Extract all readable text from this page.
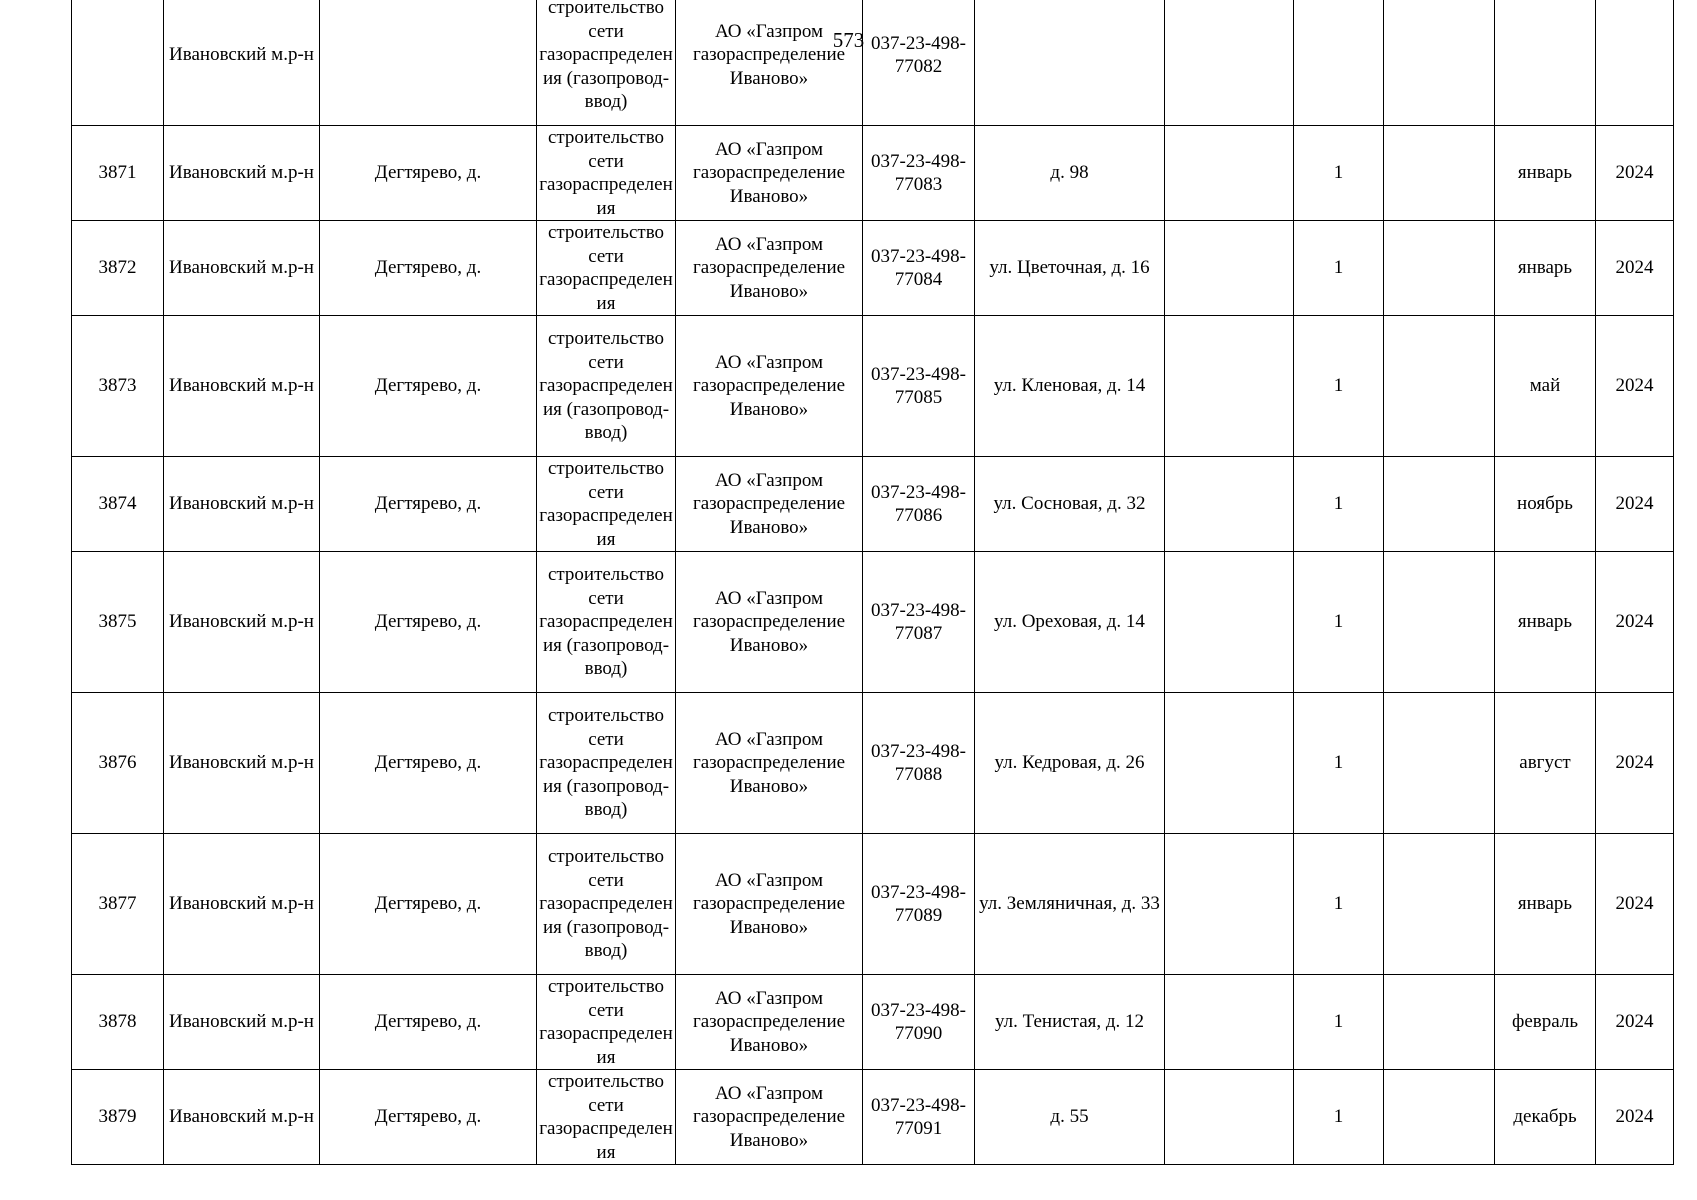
573
	Ивановский м.р-н		строительство сети газораспределения (газопровод-ввод)	АО «Газпром газораспределение Иваново»	037-23-498-77082						
3871	Ивановский м.р-н	Дегтярево, д.	строительство сети газораспределения	АО «Газпром газораспределение Иваново»	037-23-498-77083	д. 98		1		январь	2024
3872	Ивановский м.р-н	Дегтярево, д.	строительство сети газораспределения	АО «Газпром газораспределение Иваново»	037-23-498-77084	ул. Цветочная, д. 16		1		январь	2024
3873	Ивановский м.р-н	Дегтярево, д.	строительство сети газораспределения (газопровод-ввод)	АО «Газпром газораспределение Иваново»	037-23-498-77085	ул. Кленовая, д. 14		1		май	2024
3874	Ивановский м.р-н	Дегтярево, д.	строительство сети газораспределения	АО «Газпром газораспределение Иваново»	037-23-498-77086	ул. Сосновая, д. 32		1		ноябрь	2024
3875	Ивановский м.р-н	Дегтярево, д.	строительство сети газораспределения (газопровод-ввод)	АО «Газпром газораспределение Иваново»	037-23-498-77087	ул. Ореховая, д. 14		1		январь	2024
3876	Ивановский м.р-н	Дегтярево, д.	строительство сети газораспределения (газопровод-ввод)	АО «Газпром газораспределение Иваново»	037-23-498-77088	ул. Кедровая, д. 26		1		август	2024
3877	Ивановский м.р-н	Дегтярево, д.	строительство сети газораспределения (газопровод-ввод)	АО «Газпром газораспределение Иваново»	037-23-498-77089	ул. Земляничная, д. 33		1		январь	2024
3878	Ивановский м.р-н	Дегтярево, д.	строительство сети газораспределения	АО «Газпром газораспределение Иваново»	037-23-498-77090	ул. Тенистая, д. 12		1		февраль	2024
3879	Ивановский м.р-н	Дегтярево, д.	строительство сети газораспределения	АО «Газпром газораспределение Иваново»	037-23-498-77091	д. 55		1		декабрь	2024
